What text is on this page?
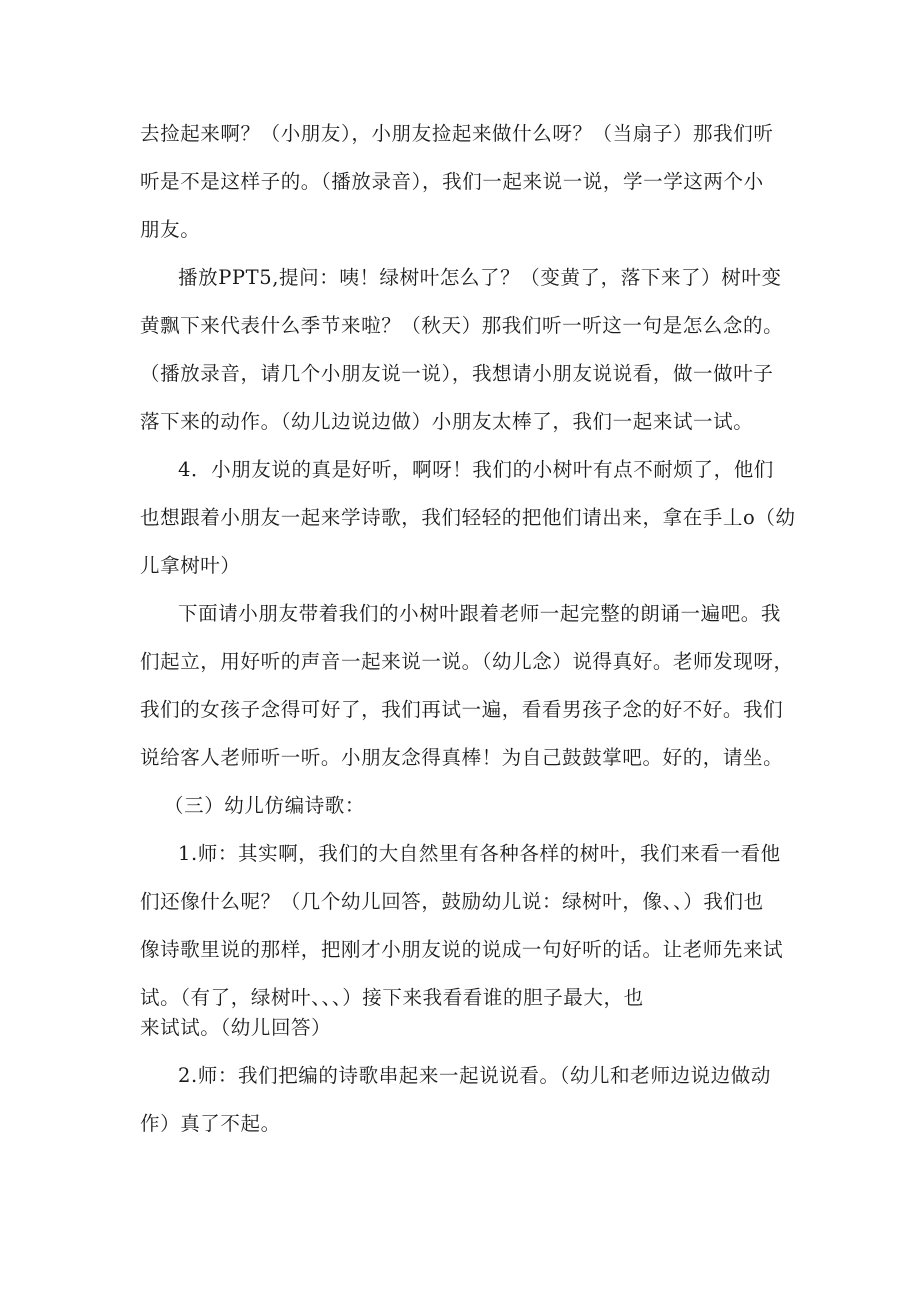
去捡起来啊？（小朋友），小朋友捡起来做什么呀？（当扇子）那我们听
听是不是这样子的。（播放录音），我们一起来说一说，学一学这两个小
朋友。
播放PPT5,提问：咦！绿树叶怎么了？（变黄了，落下来了）树叶变
黄飘下来代表什么季节来啦？（秋天）那我们听一听这一句是怎么念的。
（播放录音，请几个小朋友说一说），我想请小朋友说说看，做一做叶子
落下来的动作。（幼儿边说边做）小朋友太棒了，我们一起来试一试。
4．小朋友说的真是好听，啊呀！我们的小树叶有点不耐烦了，他们
也想跟着小朋友一起来学诗歌，我们轻轻的把他们请出来，拿在手丄o（幼
儿拿树叶）
下面请小朋友带着我们的小树叶跟着老师一起完整的朗诵一遍吧。我
们起立，用好听的声音一起来说一说。（幼儿念）说得真好。老师发现呀，
我们的女孩子念得可好了，我们再试一遍，看看男孩子念的好不好。我们
说给客人老师听一听。小朋友念得真棒！为自己鼓鼓掌吧。好的，请坐。
（三）幼儿仿编诗歌：
1.师：其实啊，我们的大自然里有各种各样的树叶，我们来看一看他
们还像什么呢？（几个幼儿回答，鼓励幼儿说：绿树叶，像、、）我们也
像诗歌里说的那样，把刚才小朋友说的说成一句好听的话。让老师先来试
试。（有了，绿树叶、、、）接下来我看看谁的胆子最大，也
来试试。（幼儿回答）
2.师：我们把编的诗歌串起来一起说说看。（幼儿和老师边说边做动
作）真了不起。
